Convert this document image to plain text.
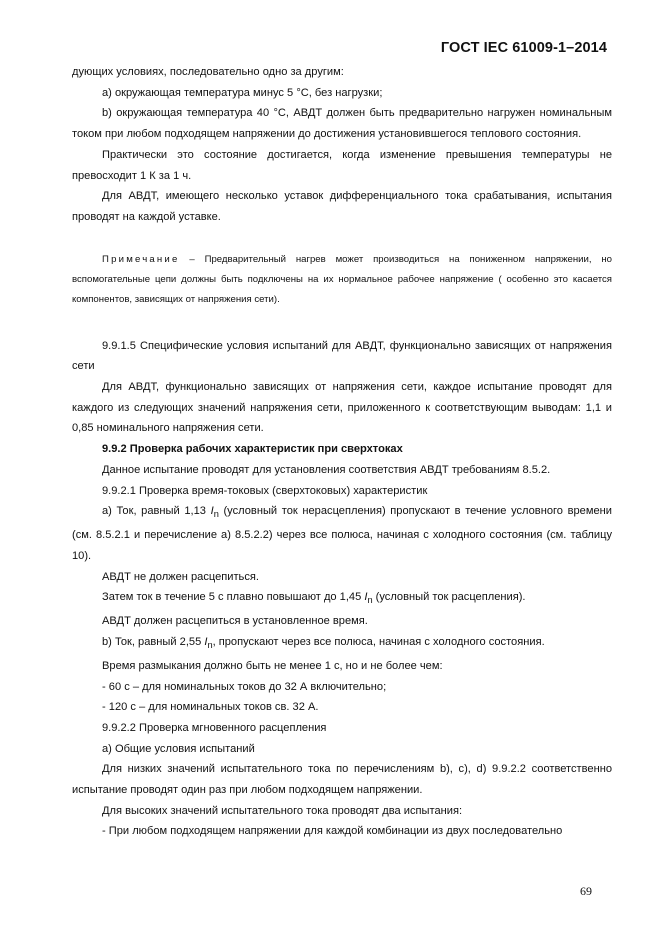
ГОСТ IEC 61009-1–2014

дующих условиях, последовательно одно за другим:

a) окружающая температура минус 5 °С, без нагрузки;

b) окружающая температура 40 °С, АВДТ должен быть предварительно нагружен номинальным током при любом подходящем напряжении до достижения установившегося теплового состояния.

Практически это состояние достигается, когда изменение превышения температуры не превосходит 1 К за 1 ч.

Для АВДТ, имеющего несколько уставок дифференциального тока срабатывания, испытания проводят на каждой уставке.

Примечание – Предварительный нагрев может производиться на пониженном напряжении, но вспомогательные цепи должны быть подключены на их нормальное рабочее напряжение ( особенно это касается компонентов, зависящих от напряжения сети).

9.9.1.5 Специфические условия испытаний для АВДТ, функционально зависящих от напряжения сети

Для АВДТ, функционально зависящих от напряжения сети, каждое испытание проводят для каждого из следующих значений напряжения сети, приложенного к соответствующим выводам: 1,1 и 0,85 номинального напряжения сети.

9.9.2 Проверка рабочих характеристик при сверхтоках

Данное испытание проводят для установления соответствия АВДТ требованиям 8.5.2.

9.9.2.1 Проверка время-токовых (сверхтоковых) характеристик

a) Ток, равный 1,13 $I_n$ (условный ток нерасцепления) пропускают в течение условного времени (см. 8.5.2.1 и перечисление a) 8.5.2.2) через все полюса, начиная с холодного состояния (см. таблицу 10).

АВДТ не должен расцепиться.

Затем ток в течение 5 с плавно повышают до 1,45 $I_n$ (условный ток расцепления).

АВДТ должен расцепиться в установленное время.

b) Ток, равный 2,55 $I_n$, пропускают через все полюса, начиная с холодного состояния.

Время размыкания должно быть не менее 1 с, но и не более чем:

- 60 с – для номинальных токов до 32 А включительно;

- 120 с – для номинальных токов св. 32 А.

9.9.2.2 Проверка мгновенного расцепления

a) Общие условия испытаний

Для низких значений испытательного тока по перечислениям b), c), d) 9.9.2.2 соответственно испытание проводят один раз при любом подходящем напряжении.

Для высоких значений испытательного тока проводят два испытания:

- При любом подходящем напряжении для каждой комбинации из двух последовательно

69
